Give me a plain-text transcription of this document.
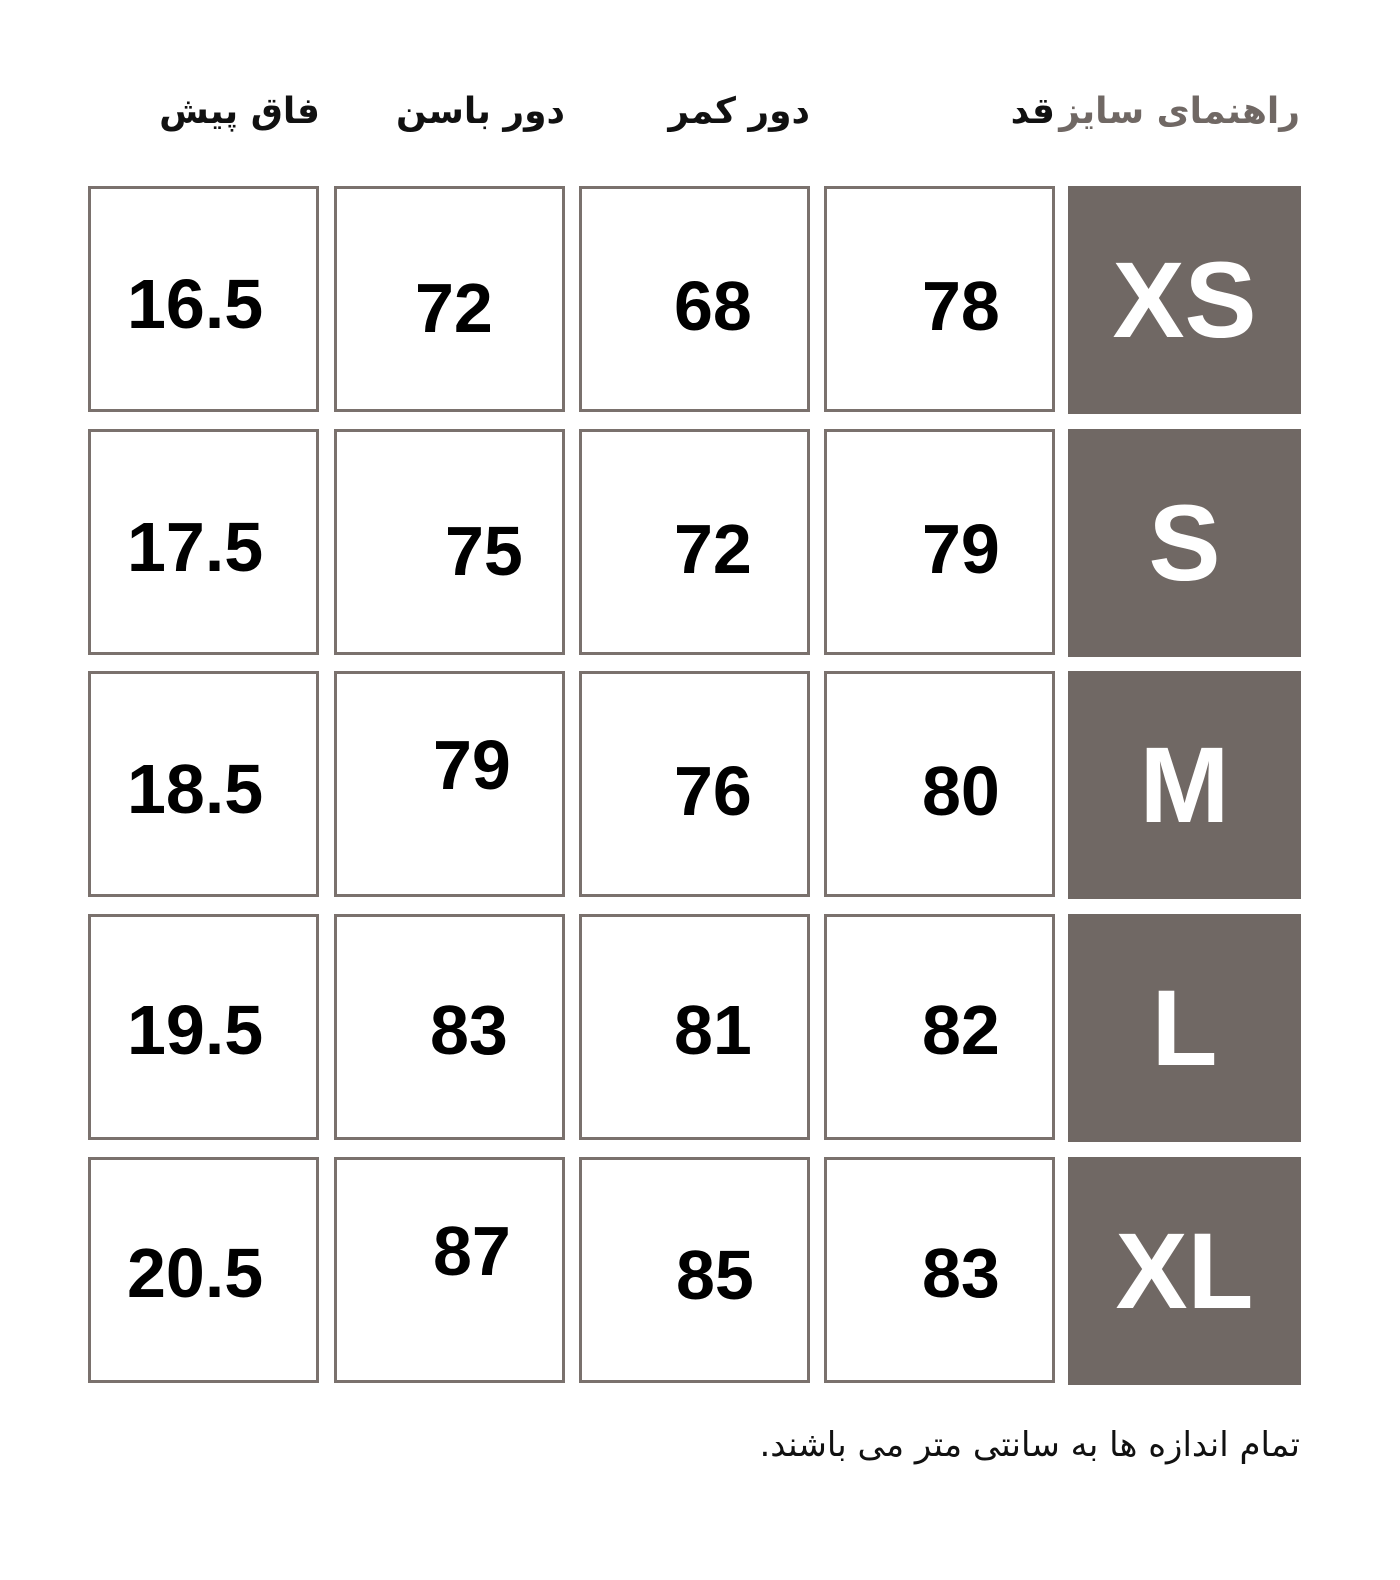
راهنمای سایز
قد
دور کمر
دور باسن
فاق پیش
XS
78
68
72
16.5
S
79
72
75
17.5
M
80
76
79
18.5
L
82
81
83
19.5
XL
83
85
87
20.5
تمام اندازه ها به سانتی متر می باشند.
